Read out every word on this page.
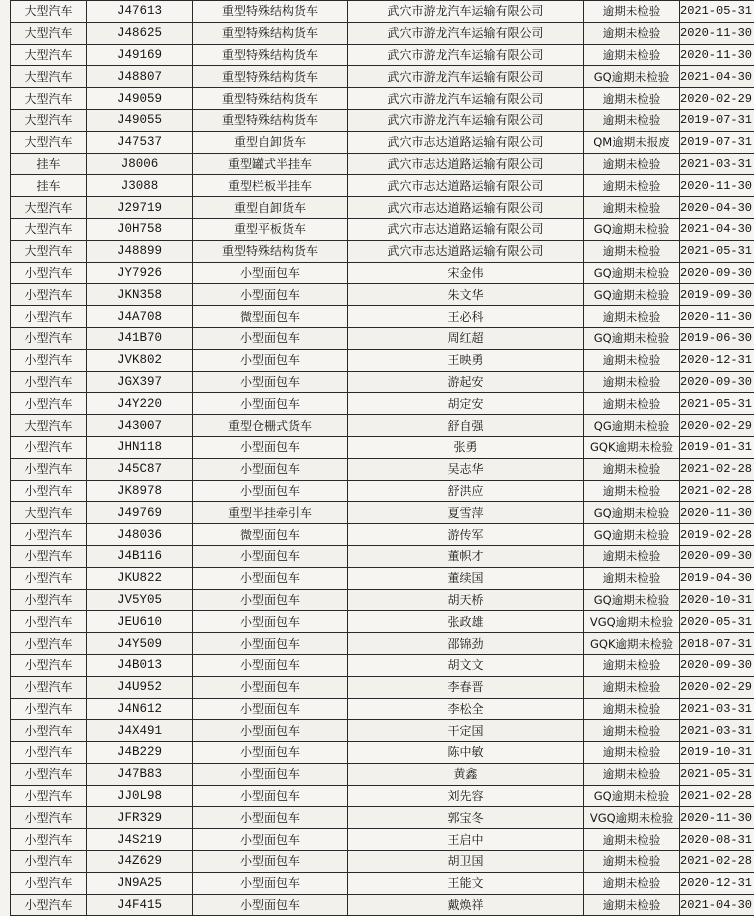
大型汽车	J47613	重型特殊结构货车	武穴市游龙汽车运输有限公司	逾期未检验	2021-05-31
大型汽车	J48625	重型特殊结构货车	武穴市游龙汽车运输有限公司	逾期未检验	2020-11-30
大型汽车	J49169	重型特殊结构货车	武穴市游龙汽车运输有限公司	逾期未检验	2020-11-30
大型汽车	J48807	重型特殊结构货车	武穴市游龙汽车运输有限公司	GQ逾期未检验	2021-04-30
大型汽车	J49059	重型特殊结构货车	武穴市游龙汽车运输有限公司	逾期未检验	2020-02-29
大型汽车	J49055	重型特殊结构货车	武穴市游龙汽车运输有限公司	逾期未检验	2019-07-31
大型汽车	J47537	重型自卸货车	武穴市志达道路运输有限公司	QM逾期未报废	2019-07-31
挂车	J8006	重型罐式半挂车	武穴市志达道路运输有限公司	逾期未检验	2021-03-31
挂车	J3088	重型栏板半挂车	武穴市志达道路运输有限公司	逾期未检验	2020-11-30
大型汽车	J29719	重型自卸货车	武穴市志达道路运输有限公司	逾期未检验	2020-04-30
大型汽车	J0H758	重型平板货车	武穴市志达道路运输有限公司	GQ逾期未检验	2021-04-30
大型汽车	J48899	重型特殊结构货车	武穴市志达道路运输有限公司	逾期未检验	2021-05-31
小型汽车	JY7926	小型面包车	宋金伟	GQ逾期未检验	2020-09-30
小型汽车	JKN358	小型面包车	朱文华	GQ逾期未检验	2019-09-30
小型汽车	J4A708	微型面包车	王必科	逾期未检验	2020-11-30
小型汽车	J41B70	小型面包车	周红超	GQ逾期未检验	2019-06-30
小型汽车	JVK802	小型面包车	王映勇	逾期未检验	2020-12-31
小型汽车	JGX397	小型面包车	游起安	逾期未检验	2020-09-30
小型汽车	J4Y220	小型面包车	胡定安	逾期未检验	2021-05-31
大型汽车	J43007	重型仓栅式货车	舒自强	QG逾期未检验	2020-02-29
小型汽车	JHN118	小型面包车	张勇	GQK逾期未检验	2019-01-31
小型汽车	J45C87	小型面包车	吴志华	逾期未检验	2021-02-28
小型汽车	JK8978	小型面包车	舒洪应	逾期未检验	2021-02-28
大型汽车	J49769	重型半挂牵引车	夏雪萍	GQ逾期未检验	2020-11-30
小型汽车	J48036	微型面包车	游传军	GQ逾期未检验	2019-02-28
小型汽车	J4B116	小型面包车	董帜才	逾期未检验	2020-09-30
小型汽车	JKU822	小型面包车	董续国	逾期未检验	2019-04-30
小型汽车	JV5Y05	小型面包车	胡天桥	GQ逾期未检验	2020-10-31
小型汽车	JEU610	小型面包车	张政雄	VGQ逾期未检验	2020-05-31
小型汽车	J4Y509	小型面包车	邵锦劲	GQK逾期未检验	2018-07-31
小型汽车	J4B013	小型面包车	胡文文	逾期未检验	2020-09-30
小型汽车	J4U952	小型面包车	李春晋	逾期未检验	2020-02-29
小型汽车	J4N612	小型面包车	李松全	逾期未检验	2021-03-31
小型汽车	J4X491	小型面包车	干定国	逾期未检验	2021-03-31
小型汽车	J4B229	小型面包车	陈中敏	逾期未检验	2019-10-31
小型汽车	J47B83	小型面包车	黄鑫	逾期未检验	2021-05-31
小型汽车	JJ0L98	小型面包车	刘先容	GQ逾期未检验	2021-02-28
小型汽车	JFR329	小型面包车	郭宝冬	VGQ逾期未检验	2020-11-30
小型汽车	J4S219	小型面包车	王启中	逾期未检验	2020-08-31
小型汽车	J4Z629	小型面包车	胡卫国	逾期未检验	2021-02-28
小型汽车	JN9A25	小型面包车	王能文	逾期未检验	2020-12-31
小型汽车	J4F415	小型面包车	戴焕祥	逾期未检验	2021-04-30
